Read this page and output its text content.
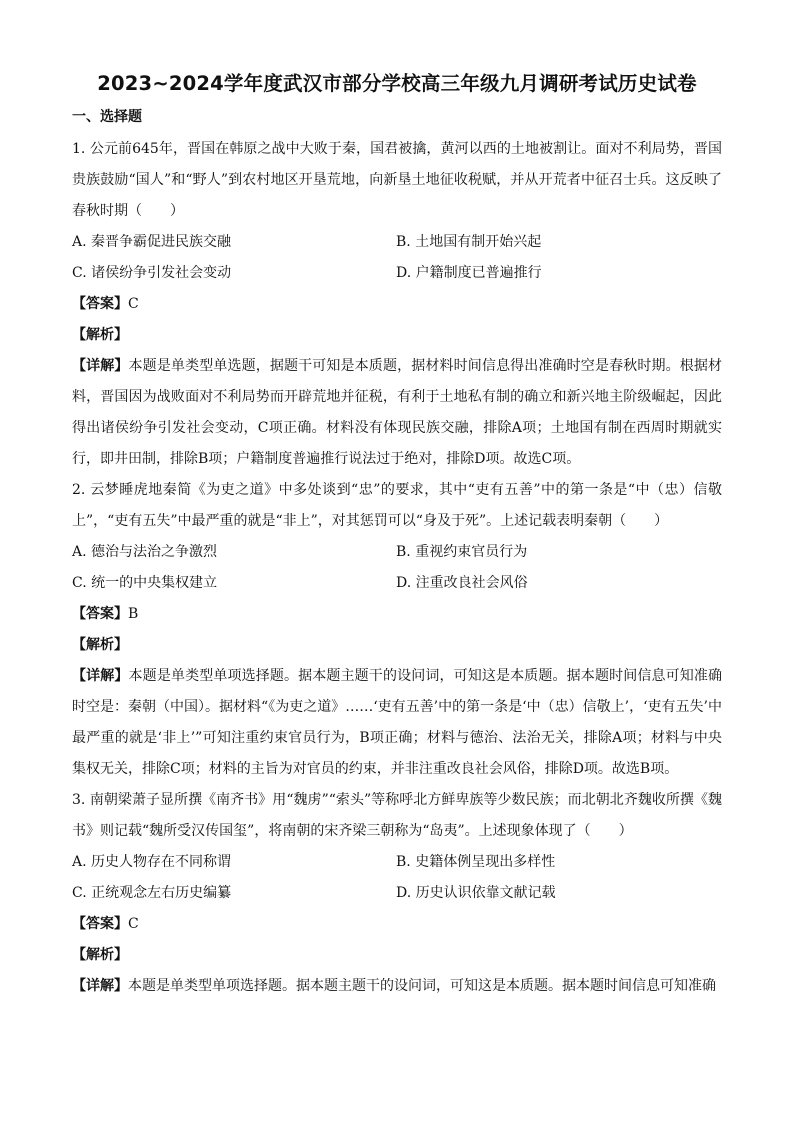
2023~2024学年度武汉市部分学校高三年级九月调研考试历史试卷
一、选择题

1. 公元前645年，晋国在韩原之战中大败于秦，国君被擒，黄河以西的土地被割让。面对不利局势，晋国贵族鼓励“国人”和“野人”到农村地区开垦荒地，向新垦土地征收税赋，并从开荒者中征召士兵。这反映了春秋时期（　　）

A. 秦晋争霸促进民族交融	B. 土地国有制开始兴起
C. 诸侯纷争引发社会变动	D. 户籍制度已普遍推行

【答案】C

【解析】

【详解】本题是单类型单选题，据题干可知是本质题，据材料时间信息得出准确时空是春秋时期。根据材料，晋国因为战败面对不利局势而开辟荒地并征税，有利于土地私有制的确立和新兴地主阶级崛起，因此得出诸侯纷争引发社会变动，C项正确。材料没有体现民族交融，排除A项；土地国有制在西周时期就实行，即井田制，排除B项；户籍制度普遍推行说法过于绝对，排除D项。故选C项。

2. 云梦睡虎地秦简《为吏之道》中多处谈到“忠”的要求，其中“吏有五善”中的第一条是“中（忠）信敬上”，“吏有五失”中最严重的就是“非上”，对其惩罚可以“身及于死”。上述记载表明秦朝（　　）

A. 德治与法治之争激烈	B. 重视约束官员行为
C. 统一的中央集权建立	D. 注重改良社会风俗

【答案】B

【解析】

【详解】本题是单类型单项选择题。据本题主题干的设问词，可知这是本质题。据本题时间信息可知准确时空是：秦朝（中国）。据材料“《为吏之道》……‘吏有五善’中的第一条是‘中（忠）信敬上’，‘吏有五失’中最严重的就是‘非上’”可知注重约束官员行为，B项正确；材料与德治、法治无关，排除A项；材料与中央集权无关，排除C项；材料的主旨为对官员的约束，并非注重改良社会风俗，排除D项。故选B项。

3. 南朝梁萧子显所撰《南齐书》用“魏虏”“索头”等称呼北方鲜卑族等少数民族；而北朝北齐魏收所撰《魏书》则记载“魏所受汉传国玺”，将南朝的宋齐梁三朝称为“岛夷”。上述现象体现了（　　）

A. 历史人物存在不同称谓	B. 史籍体例呈现出多样性
C. 正统观念左右历史编纂	D. 历史认识依靠文献记载

【答案】C

【解析】

【详解】本题是单类型单项选择题。据本题主题干的设问词，可知这是本质题。据本题时间信息可知准确
